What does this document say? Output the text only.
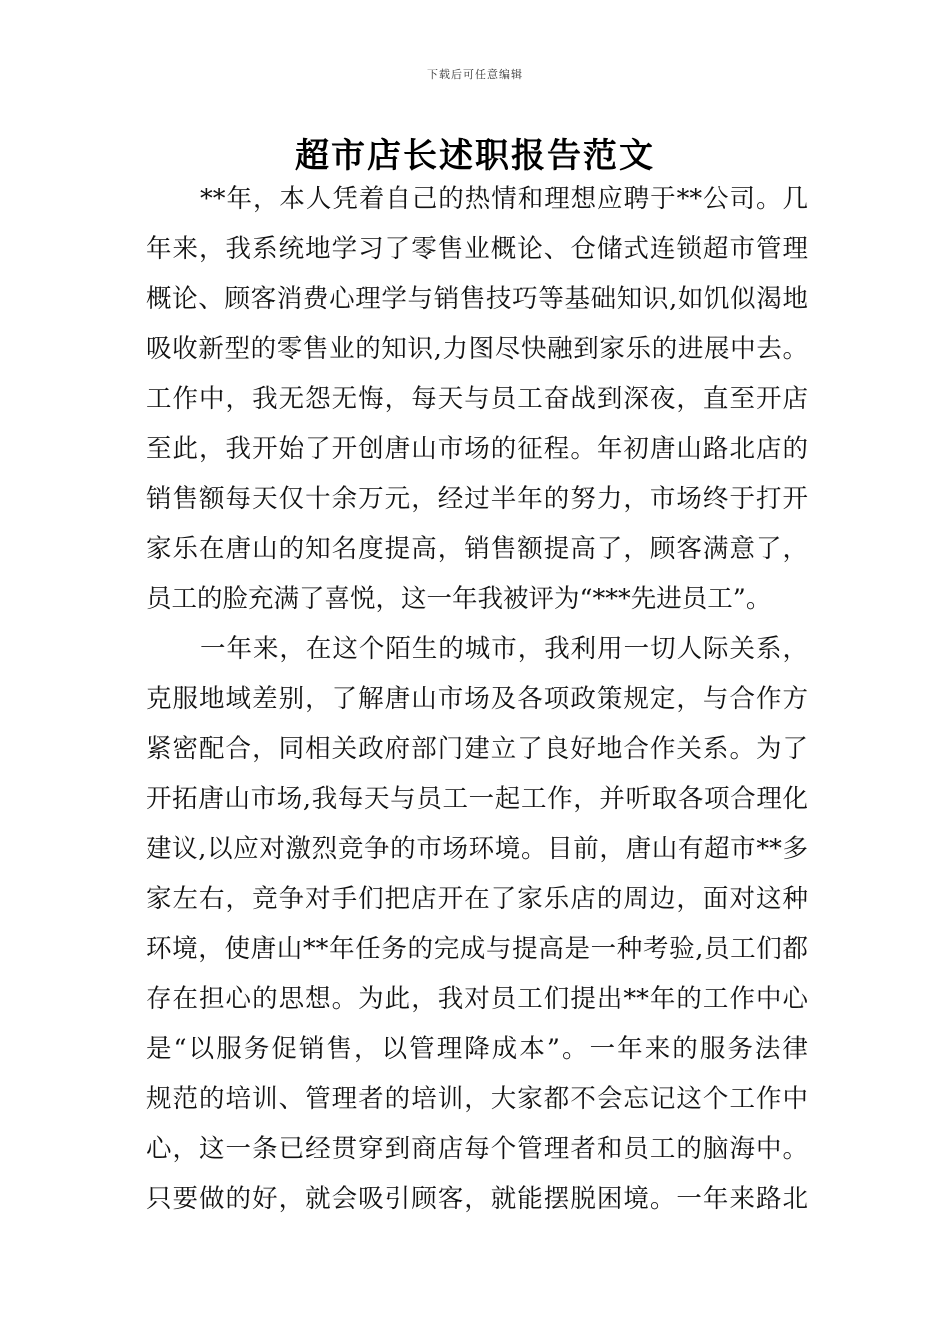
下载后可任意编辑
超市店长述职报告范文
**年，本人凭着自己的热情和理想应聘于**公司。几
年来，我系统地学习了零售业概论、仓储式连锁超市管理
概论、顾客消费心理学与销售技巧等基础知识,如饥似渴地
吸收新型的零售业的知识,力图尽快融到家乐的进展中去。
工作中，我无怨无悔，每天与员工奋战到深夜，直至开店
至此，我开始了开创唐山市场的征程。年初唐山路北店的
销售额每天仅十余万元，经过半年的努力，市场终于打开
家乐在唐山的知名度提高，销售额提高了，顾客满意了，
员工的脸充满了喜悦，这一年我被评为“***先进员工”。
一年来，在这个陌生的城市，我利用一切人际关系，
克服地域差别，了解唐山市场及各项政策规定，与合作方
紧密配合，同相关政府部门建立了良好地合作关系。为了
开拓唐山市场,我每天与员工一起工作，并听取各项合理化
建议,以应对激烈竞争的市场环境。目前，唐山有超市**多
家左右，竞争对手们把店开在了家乐店的周边，面对这种
环境，使唐山**年任务的完成与提高是一种考验,员工们都
存在担心的思想。为此，我对员工们提出**年的工作中心
是“以服务促销售，以管理降成本”。一年来的服务法律
规范的培训、管理者的培训，大家都不会忘记这个工作中
心，这一条已经贯穿到商店每个管理者和员工的脑海中。
只要做的好，就会吸引顾客，就能摆脱困境。一年来路北
